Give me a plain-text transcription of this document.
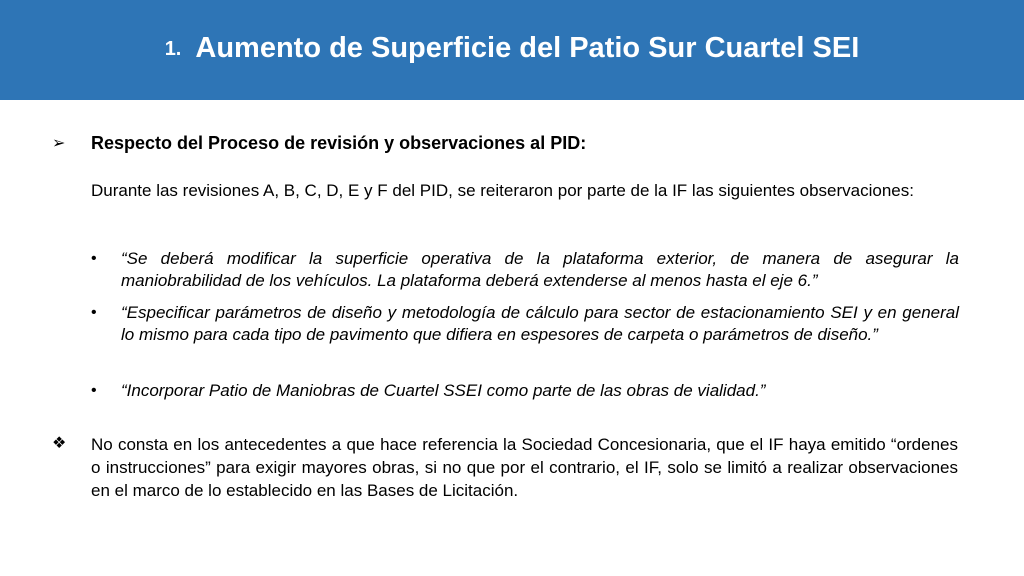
1. Aumento de Superficie del Patio Sur Cuartel SEI
➢ Respecto del Proceso de revisión y observaciones al PID:
Durante las revisiones A, B, C, D, E y F del PID, se reiteraron por parte de la IF las siguientes observaciones:
• “Se deberá modificar la superficie operativa de la plataforma exterior, de manera de asegurar la maniobrabilidad de los vehículos. La plataforma deberá extenderse al menos hasta el eje 6.”
• “Especificar parámetros de diseño y metodología de cálculo para sector de estacionamiento SEI y en general lo mismo para cada tipo de pavimento que difiera en espesores de carpeta o parámetros de diseño.”
• “Incorporar Patio de Maniobras de Cuartel SSEI como parte de las obras de vialidad.”
❖ No consta en los antecedentes a que hace referencia la Sociedad Concesionaria, que el IF haya emitido “ordenes o instrucciones” para exigir mayores obras, si no que por el contrario, el IF, solo se limitó a realizar observaciones en el marco de lo establecido en las Bases de Licitación.
